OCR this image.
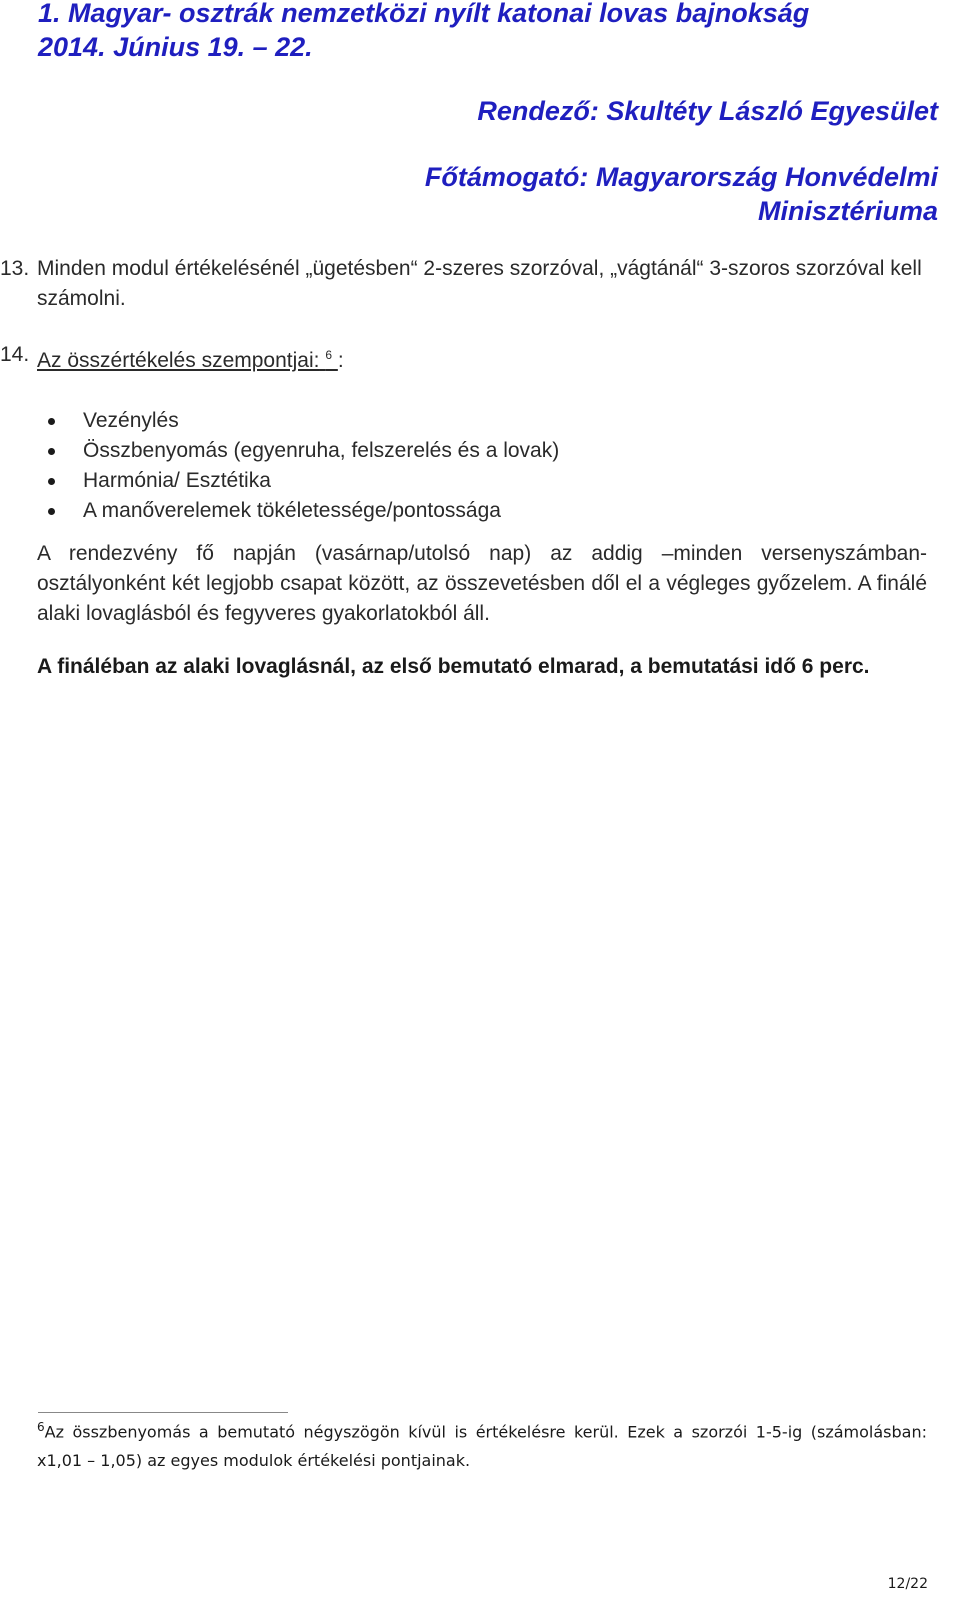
1. Magyar- osztrák nemzetközi nyílt katonai lovas bajnokság
2014. Június 19. – 22.
Rendező: Skultéty László Egyesület
Főtámogató: Magyarország Honvédelmi
Minisztériuma
13. Minden modul értékelésénél „ügetésben“ 2-szeres szorzóval, „vágtánál“ 3-szoros szorzóval kell számolni.
14. Az összértékelés szempontjai: $^6$ :
Vezénylés
Összbenyomás (egyenruha, felszerelés és a lovak)
Harmónia/ Esztétika
A manőverelemek tökéletessége/pontossága

A rendezvény fő napján (vasárnap/utolsó nap) az addig –minden versenyszámban- osztályonként két legjobb csapat között, az összevetésben dől el a végleges győzelem. A finálé alaki lovaglásból és fegyveres gyakorlatokból áll.

A fináléban az alaki lovaglásnál, az első bemutató elmarad, a bemutatási idő 6 perc.

$^6$Az összbenyomás a bemutató négyszögön kívül is értékelésre kerül. Ezek a szorzói 1-5-ig (számolásban: x1,01 – 1,05) az egyes modulok értékelési pontjainak.
12/22
